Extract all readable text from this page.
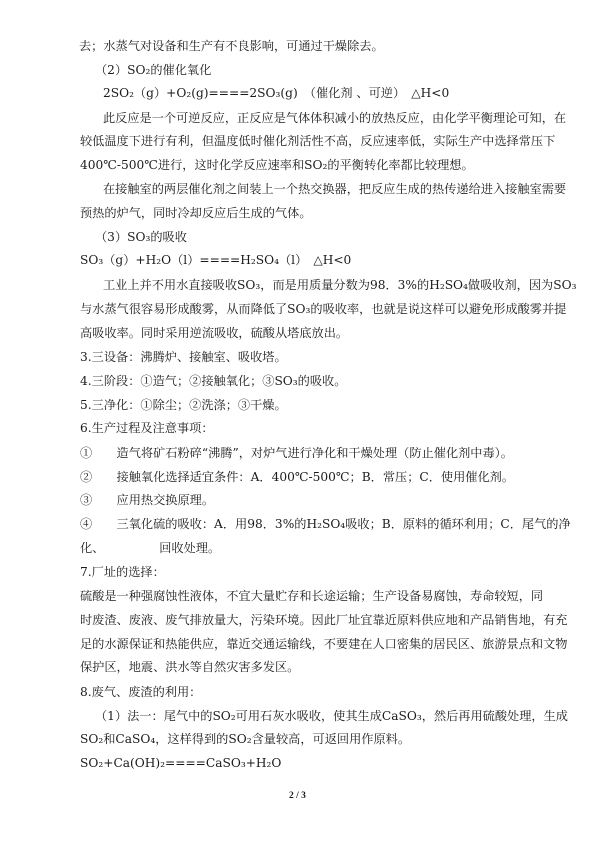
去；水蒸气对设备和生产有不良影响，可通过干燥除去。
（2）SO₂的催化氧化
2SO₂（g）+O₂(g)====2SO₃(g)　（催化剂 、可逆）　△H<0
此反应是一个可逆反应，正反应是气体体积减小的放热反应，由化学平衡理论可知，在
较低温度下进行有利，但温度低时催化剂活性不高，反应速率低，实际生产中选择常压下
400℃-500℃进行，这时化学反应速率和SO₂的平衡转化率都比较理想。
在接触室的两层催化剂之间装上一个热交换器，把反应生成的热传递给进入接触室需要
预热的炉气，同时冷却反应后生成的气体。
（3）SO₃的吸收
SO₃（g）+H₂O（l）====H₂SO₄（l）　△H<0
工业上并不用水直接吸收SO₃，而是用质量分数为98．3%的H₂SO₄做吸收剂，因为SO₃
与水蒸气很容易形成酸雾，从而降低了SO₃的吸收率，也就是说这样可以避免形成酸雾并提
高吸收率。同时采用逆流吸收，硫酸从塔底放出。
3.三设备：沸腾炉、接触室、吸收塔。
4.三阶段：①造气；②接触氧化；③SO₃的吸收。
5.三净化：①除尘；②洗涤；③干燥。
6.生产过程及注意事项：
①　　造气将矿石粉碎“沸腾”，对炉气进行净化和干燥处理（防止催化剂中毒）。
②　　接触氧化选择适宜条件：A．400℃-500℃；B．常压；C．使用催化剂。
③　　应用热交换原理。
④　　三氧化硫的吸收：A．用98．3%的H₂SO₄吸收；B．原料的循环利用；C．尾气的净
化、　　　　　回收处理。
7.厂址的选择：
硫酸是一种强腐蚀性液体，不宜大量贮存和长途运输；生产设备易腐蚀，寿命较短，同
时废渣、废液、废气排放量大，污染环境。因此厂址宜靠近原料供应地和产品销售地，有充
足的水源保证和热能供应，靠近交通运输线，不要建在人口密集的居民区、旅游景点和文物
保护区，地震、洪水等自然灾害多发区。
8.废气、废渣的利用：
（1）法一：尾气中的SO₂可用石灰水吸收，使其生成CaSO₃，然后再用硫酸处理，生成
SO₂和CaSO₄，这样得到的SO₂含量较高，可返回用作原料。
SO₂+Ca(OH)₂====CaSO₃+H₂O
2 / 3
